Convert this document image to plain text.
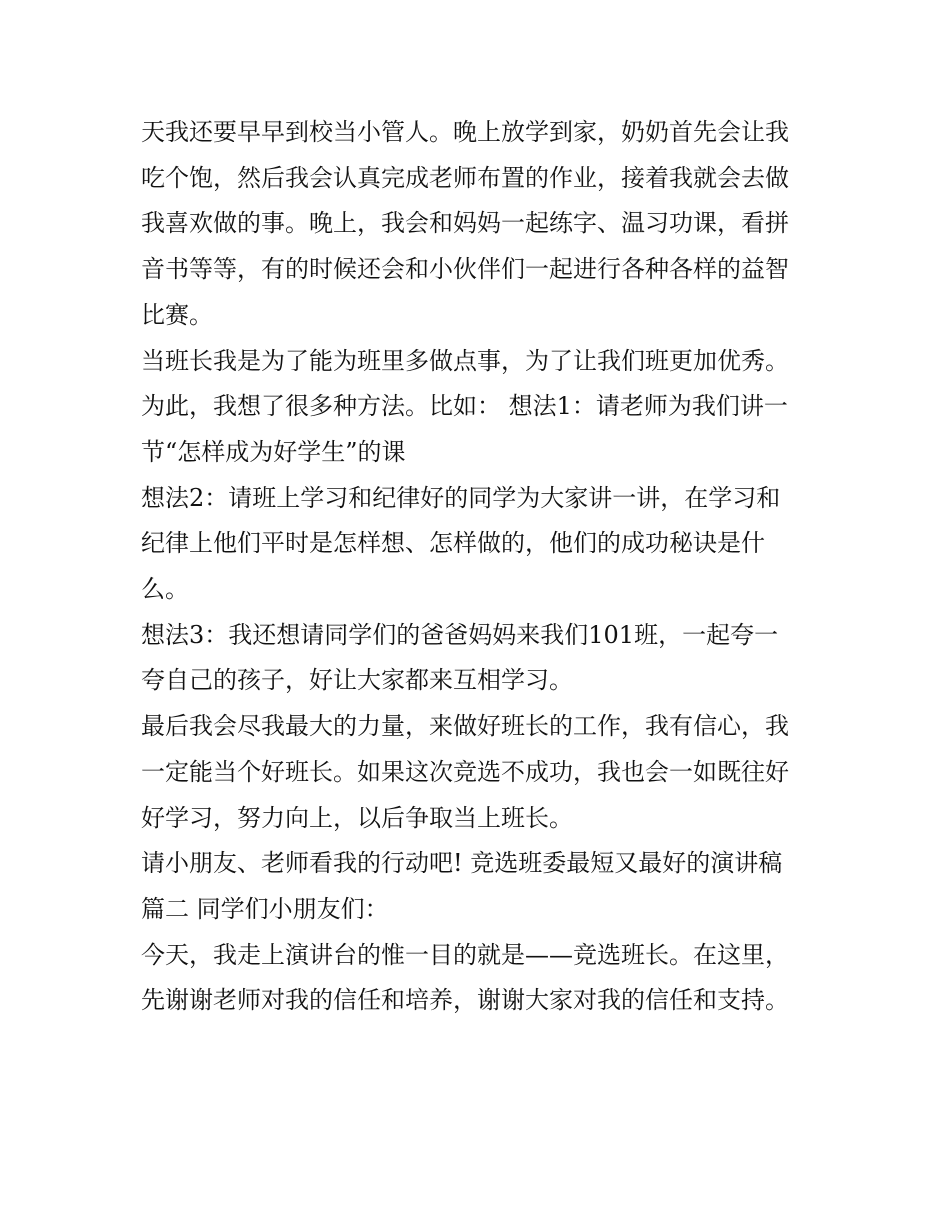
天我还要早早到校当小管人。晚上放学到家，奶奶首先会让我
吃个饱，然后我会认真完成老师布置的作业，接着我就会去做
我喜欢做的事。晚上，我会和妈妈一起练字、温习功课，看拼
音书等等，有的时候还会和小伙伴们一起进行各种各样的益智
比赛。

当班长我是为了能为班里多做点事，为了让我们班更加优秀。
为此，我想了很多种方法。比如： 想法1：请老师为我们讲一
节“怎样成为好学生”的课

想法2：请班上学习和纪律好的同学为大家讲一讲，在学习和
纪律上他们平时是怎样想、怎样做的，他们的成功秘诀是什
么。

想法3：我还想请同学们的爸爸妈妈来我们101班，一起夸一
夸自己的孩子，好让大家都来互相学习。

最后我会尽我最大的力量，来做好班长的工作，我有信心，我
一定能当个好班长。如果这次竞选不成功，我也会一如既往好
好学习，努力向上，以后争取当上班长。

请小朋友、老师看我的行动吧! 竞选班委最短又最好的演讲稿
篇二 同学们小朋友们：

今天，我走上演讲台的惟一目的就是——竞选班长。在这里，
先谢谢老师对我的信任和培养，谢谢大家对我的信任和支持。
